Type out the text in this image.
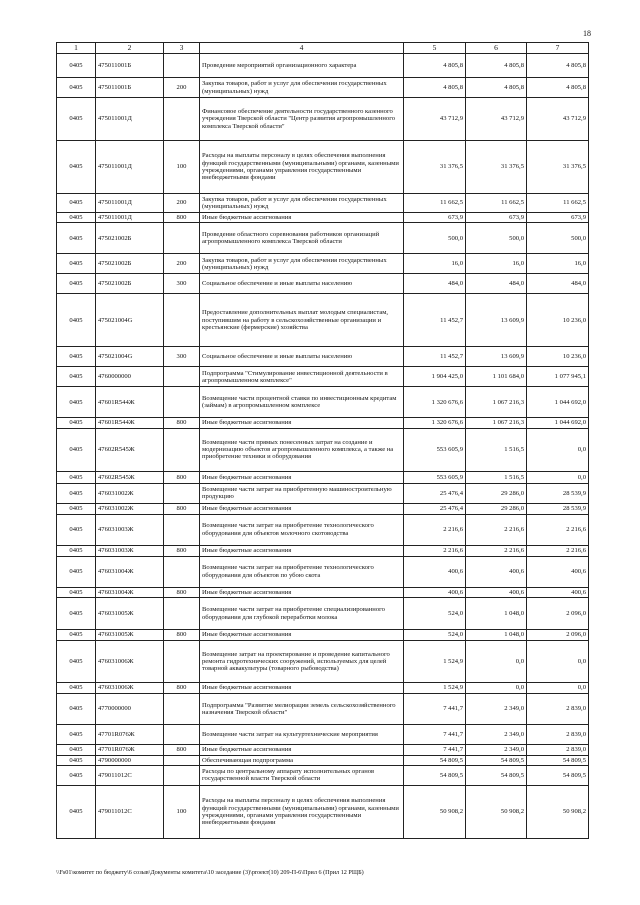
18
1	2	3	4	5	6	7
0405	475011001Б		Проведение мероприятий организационного характера	4 805,8	4 805,8	4 805,8
0405	475011001Б	200	Закупка товаров, работ и услуг для обеспечения государственных (муниципальных) нужд	4 805,8	4 805,8	4 805,8
0405	475011001Д		Финансовое обеспечение деятельности государственного казенного учреждения Тверской области "Центр развития агропромышленного комплекса Тверской области"	43 712,9	43 712,9	43 712,9
0405	475011001Д	100	Расходы на выплаты персоналу в целях обеспечения выполнения функций государственными (муниципальными) органами, казенными учреждениями, органами управления государственными внебюджетными фондами	31 376,5	31 376,5	31 376,5
0405	475011001Д	200	Закупка товаров, работ и услуг для обеспечения государственных (муниципальных) нужд	11 662,5	11 662,5	11 662,5
0405	475011001Д	800	Иные бюджетные ассигнования	673,9	673,9	673,9
0405	475021002Б		Проведение областного соревнования работников организаций агропромышленного комплекса Тверской области	500,0	500,0	500,0
0405	475021002Б	200	Закупка товаров, работ и услуг для обеспечения государственных (муниципальных) нужд	16,0	16,0	16,0
0405	475021002Б	300	Социальное обеспечение и иные выплаты населению	484,0	484,0	484,0
0405	475021004G		Предоставление дополнительных выплат молодым специалистам, поступившим на работу в сельскохозяйственные организации и крестьянские (фермерские) хозяйства	11 452,7	13 609,9	10 236,0
0405	475021004G	300	Социальное обеспечение и иные выплаты населению	11 452,7	13 609,9	10 236,0
0405	4760000000		Подпрограмма "Стимулирование инвестиционной деятельности в агропромышленном комплексе"	1 904 425,0	1 101 684,0	1 077 945,1
0405	47601R544Ж		Возмещение части процентной ставки по инвестиционным кредитам (займам) в агропромышленном комплексе	1 320 676,6	1 067 216,3	1 044 692,0
0405	47601R544Ж	800	Иные бюджетные ассигнования	1 320 676,6	1 067 216,3	1 044 692,0
0405	47602R545Ж		Возмещение части прямых понесенных затрат на создание и модернизацию объектов агропромышленного комплекса, а также на приобретение техники и оборудования	553 605,9	1 516,5	0,0
0405	47602R545Ж	800	Иные бюджетные ассигнования	553 605,9	1 516,5	0,0
0405	476031002Ж		Возмещение части затрат на приобретенную машиностроительную продукцию	25 476,4	29 286,0	28 539,9
0405	476031002Ж	800	Иные бюджетные ассигнования	25 476,4	29 286,0	28 539,9
0405	476031003Ж		Возмещение части затрат на приобретение технологического оборудования для объектов молочного скотоводства	2 216,6	2 216,6	2 216,6
0405	476031003Ж	800	Иные бюджетные ассигнования	2 216,6	2 216,6	2 216,6
0405	476031004Ж		Возмещение части затрат на приобретение технологического оборудования для объектов по убою скота	400,6	400,6	400,6
0405	476031004Ж	800	Иные бюджетные ассигнования	400,6	400,6	400,6
0405	476031005Ж		Возмещение части затрат на приобретение специализированного оборудования для глубокой переработки молока	524,0	1 048,0	2 096,0
0405	476031005Ж	800	Иные бюджетные ассигнования	524,0	1 048,0	2 096,0
0405	476031006Ж		Возмещение затрат на проектирование и проведение капитального ремонта гидротехнических сооружений, используемых для целей товарной аквакультуры (товарного рыбоводства)	1 524,9	0,0	0,0
0405	476031006Ж	800	Иные бюджетные ассигнования	1 524,9	0,0	0,0
0405	4770000000		Подпрограмма "Развитие мелиорации земель сельскохозяйственного назначения Тверской области"	7 441,7	2 349,0	2 839,0
0405	47701R076Ж		Возмещение части затрат на культуртехнические мероприятия	7 441,7	2 349,0	2 839,0
0405	47701R076Ж	800	Иные бюджетные ассигнования	7 441,7	2 349,0	2 839,0
0405	4790000000		Обеспечивающая подпрограмма	54 809,5	54 809,5	54 809,5
0405	479011012С		Расходы по центральному аппарату исполнительных органов государственной власти Тверской области	54 809,5	54 809,5	54 809,5
0405	479011012С	100	Расходы на выплаты персоналу в целях обеспечения выполнения функций государственными (муниципальными) органами, казенными учреждениями, органами управления государственными внебюджетными фондами	50 908,2	50 908,2	50 908,2
\\Fs01\комитет по бюджету\6 созыв\Документы комитета\10 заседание (3)\proект(10) 209-П-6\Прил 6 (Прил 12 РЩБ)
